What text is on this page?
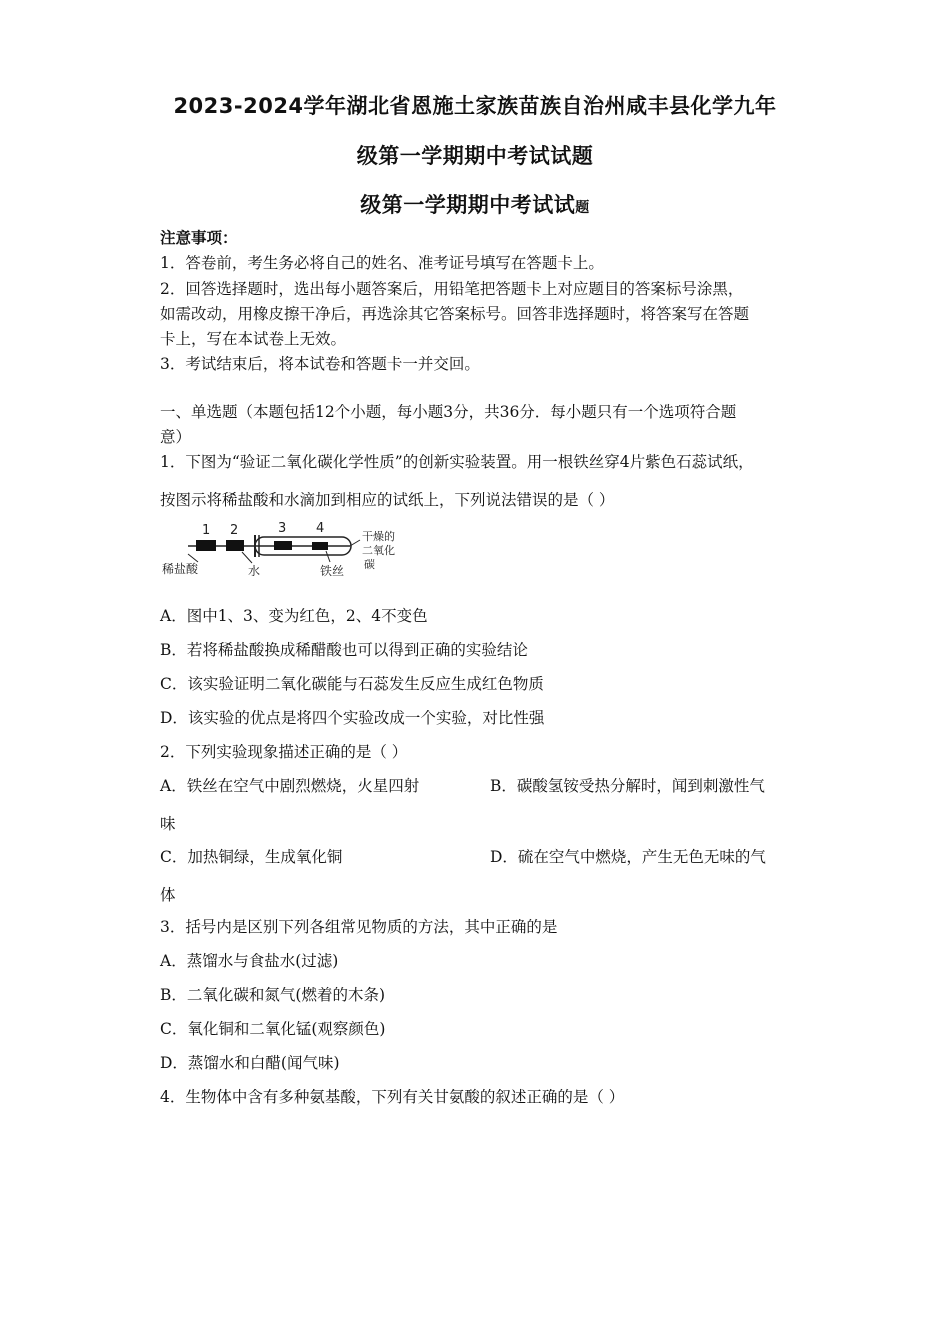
2023-2024学年湖北省恩施土家族苗族自治州咸丰县化学九年
级第一学期期中考试试题
级第一学期期中考试试题
注意事项：
1．答卷前，考生务必将自己的姓名、准考证号填写在答题卡上。
2．回答选择题时，选出每小题答案后，用铅笔把答题卡上对应题目的答案标号涂黑，
如需改动，用橡皮擦干净后，再选涂其它答案标号。回答非选择题时，将答案写在答题
卡上，写在本试卷上无效。
3．考试结束后，将本试卷和答题卡一并交回。
一、单选题（本题包括12个小题，每小题3分，共36分．每小题只有一个选项符合题
意）
1．下图为“验证二氧化碳化学性质”的创新实验装置。用一根铁丝穿4片紫色石蕊试纸，
按图示将稀盐酸和水滴加到相应的试纸上，下列说法错误的是（ ）
1 2	3 4
稀盐酸	水	铁丝
干燥的
二氧化
碳
A．图中1、3、变为红色，2、4不变色
B．若将稀盐酸换成稀醋酸也可以得到正确的实验结论
C．该实验证明二氧化碳能与石蕊发生反应生成红色物质
D．该实验的优点是将四个实验改成一个实验，对比性强
2．下列实验现象描述正确的是（ ）
A．铁丝在空气中剧烈燃烧，火星四射	B．碳酸氢铵受热分解时，闻到刺激性气
味
C．加热铜绿，生成氧化铜	D．硫在空气中燃烧，产生无色无味的气
体
3．括号内是区别下列各组常见物质的方法，其中正确的是
A．蒸馏水与食盐水(过滤)
B．二氧化碳和氮气(燃着的木条)
C．氧化铜和二氧化锰(观察颜色)
D．蒸馏水和白醋(闻气味)
4．生物体中含有多种氨基酸，下列有关甘氨酸的叙述正确的是（ ）
